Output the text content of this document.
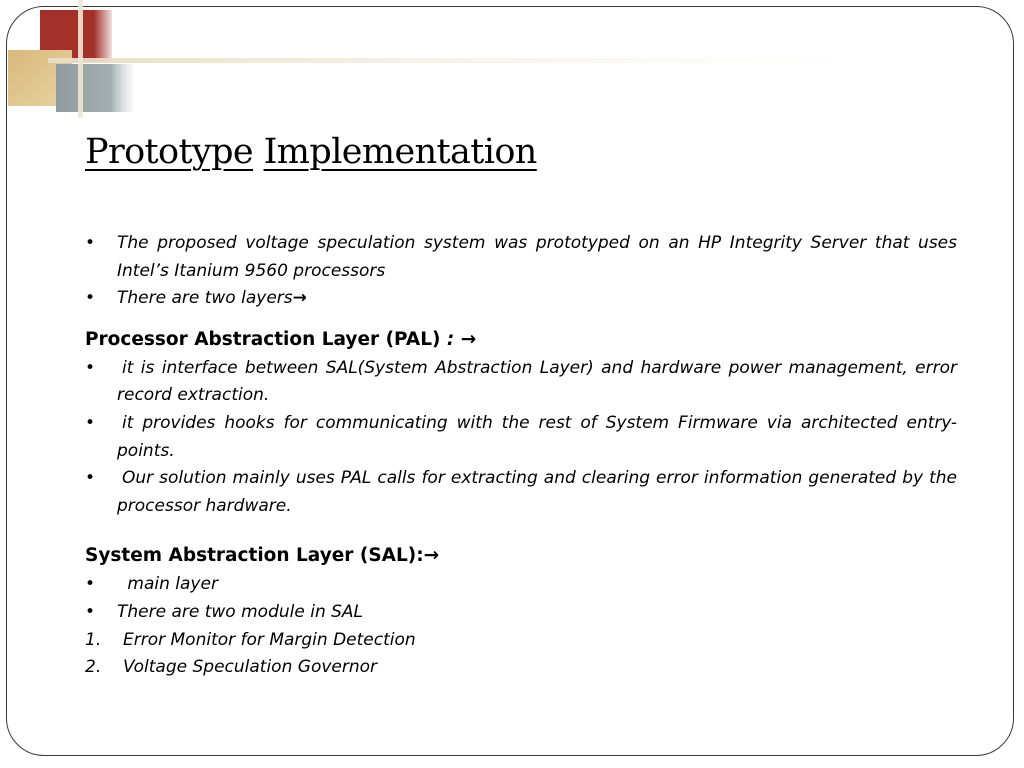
Prototype Implementation
• The proposed voltage speculation system was prototyped on an HP Integrity Server that uses Intel’s Itanium 9560 processors
• There are two layers→
Processor Abstraction Layer (PAL) : →
• it is interface between SAL(System Abstraction Layer) and hardware power management, error record extraction.
• it provides hooks for communicating with the rest of System Firmware via architected entry- points.
• Our solution mainly uses PAL calls for extracting and clearing error information generated by the processor hardware.
System Abstraction Layer (SAL):→
• main layer
• There are two module in SAL
1. Error Monitor for Margin Detection
2. Voltage Speculation Governor
